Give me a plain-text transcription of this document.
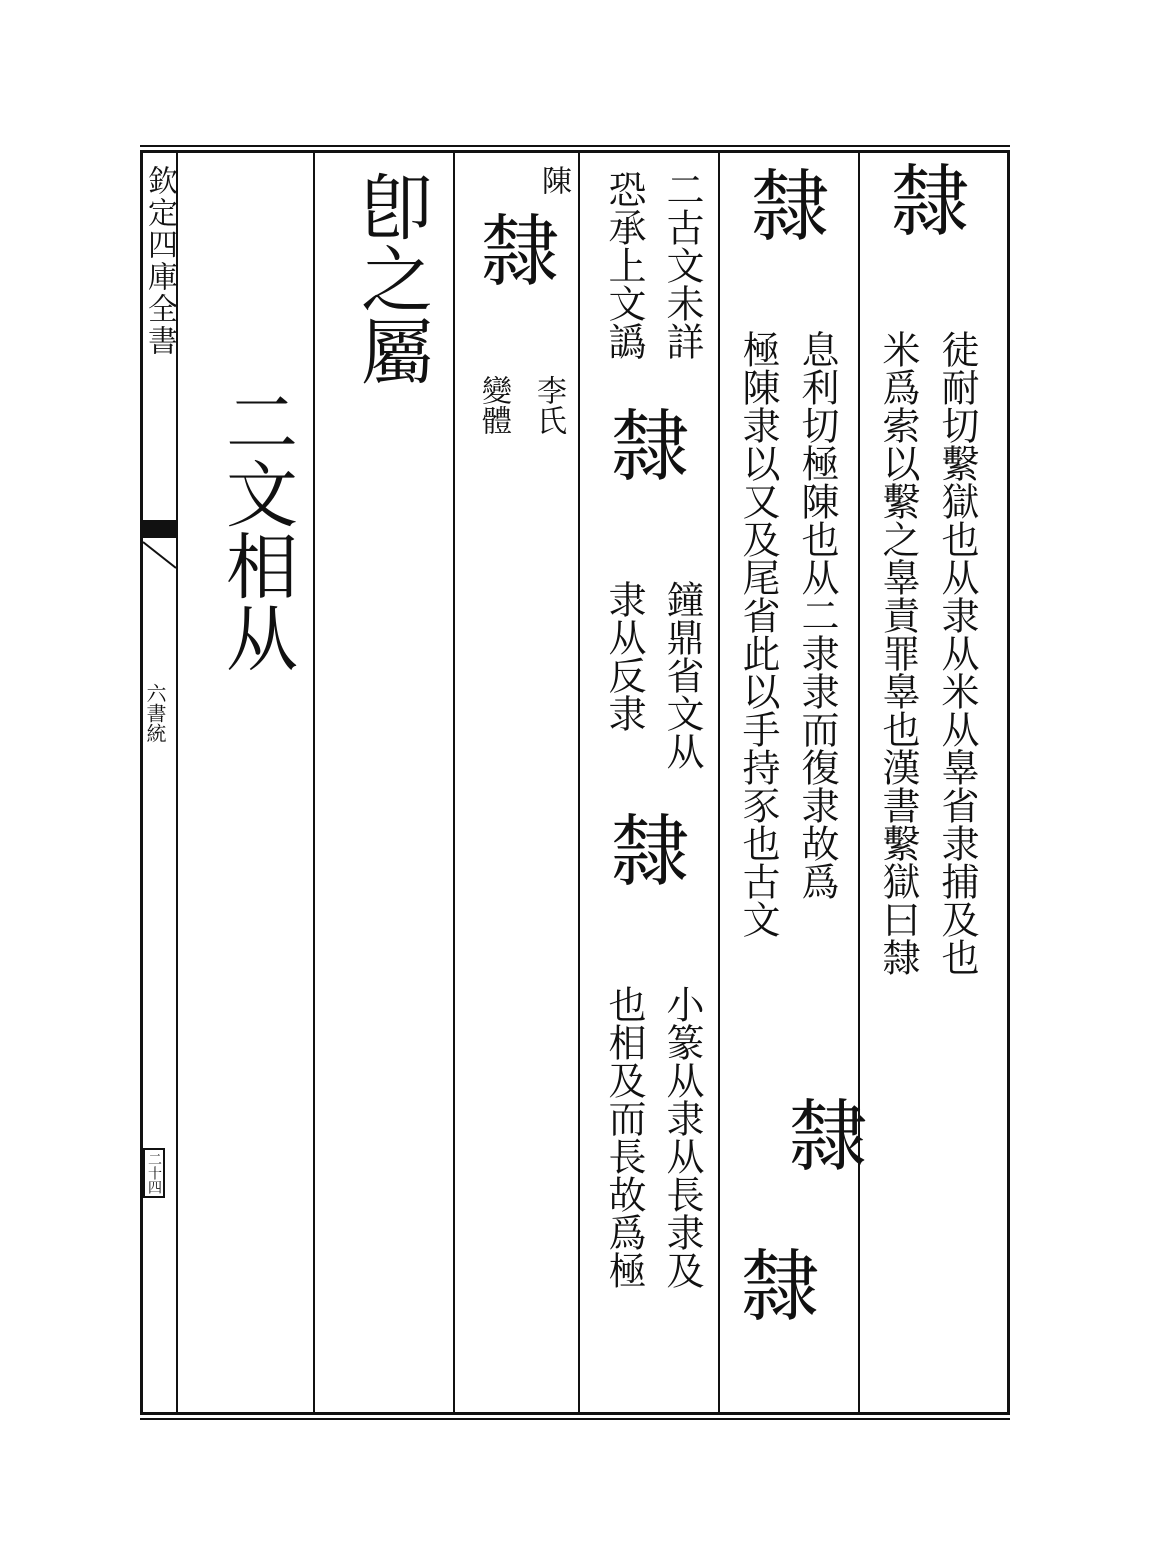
欽定四庫全書
六書統
二十四
隸
徒耐切繫獄也从隶从米从辠省隶捕及也
米爲索以繫之辠責罪辠也漢書繫獄曰隸
隸
息利切極陳也从二隶隶而復隶故爲
隸
極陳隶以又及尾省此以手持豕也古文
隸
二古文未詳
隸
鐘鼎省文从
隸
小篆从隶从長隶及
恐承上文譌
隶从反隶
也相及而長故爲極
陳
隸
李氏
變體
卽之屬
二文相从
